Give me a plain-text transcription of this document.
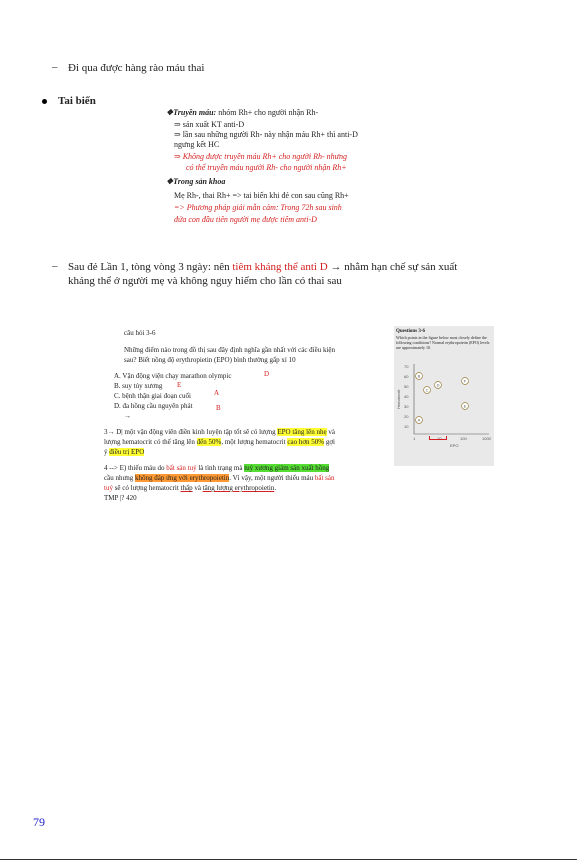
– Đi qua được hàng rào máu thai
Tai biến
❖Truyền máu: nhóm Rh+ cho người nhận Rh-
⇒ sản xuất KT anti-D
⇒ lần sau những người Rh- này nhận máu Rh+ thì anti-D
ngưng kết HC
⇒ Không được truyền máu Rh+ cho người Rh- nhưng
có thể truyền máu người Rh- cho người nhận Rh+
❖Trong sản khoa
Mẹ Rh-, thai Rh+ => tai biến khi đẻ con sau cũng Rh+
=> Phương pháp giải mẫn cảm: Trong 72h sau sinh
đứa con đầu tiên người mẹ được tiêm anti-D
– Sau đẻ Lần 1, tòng vòng 3 ngày: nên tiêm kháng thể anti D → nhằm hạn chế sự sản xuất
kháng thể ở người mẹ và không nguy hiểm cho lần có thai sau
Questions 3-6
Which points in the figure below most closely define the
following conditions? Normal erythropoietin (EPO) levels
are approximately 10.
70
60
50
40
30
20
10
1	10	100	1000
EPO
Hematocrit
A
B
C
D
E
F
câu hỏi 3-6
Những điểm nào trong đồ thị sau đây định nghĩa gần nhất với các điều kiện
sau? Biết nồng độ erythropietin (EPO) bình thường gấp xỉ 10
A. Vận động viện chạy marathon olympic	D
B. suy tủy xương E
C. bệnh thận giai đoạn cuối	A
D. đa hồng cầu nguyên phát	B
→
3→ D| một vận động viên điền kinh luyện tập tốt sẽ có lượng EPO tăng lên nhẹ và
lượng hematocrit có thể tăng lên đến 50%, một lượng hematocrit cao hơn 50% gợi
ý điều trị EPO
4 --> E) thiếu máu do bất sản tuỷ là tình trạng mà tuỷ xương giảm sản xuất hồng
cầu nhưng không đáp ứng với erythropoietin. Vì vậy, một người thiếu máu bất sản
tuỷ sẽ có lượng hematocrit thấp và tăng lượng erythropoietin.
TMP |? 420
79
